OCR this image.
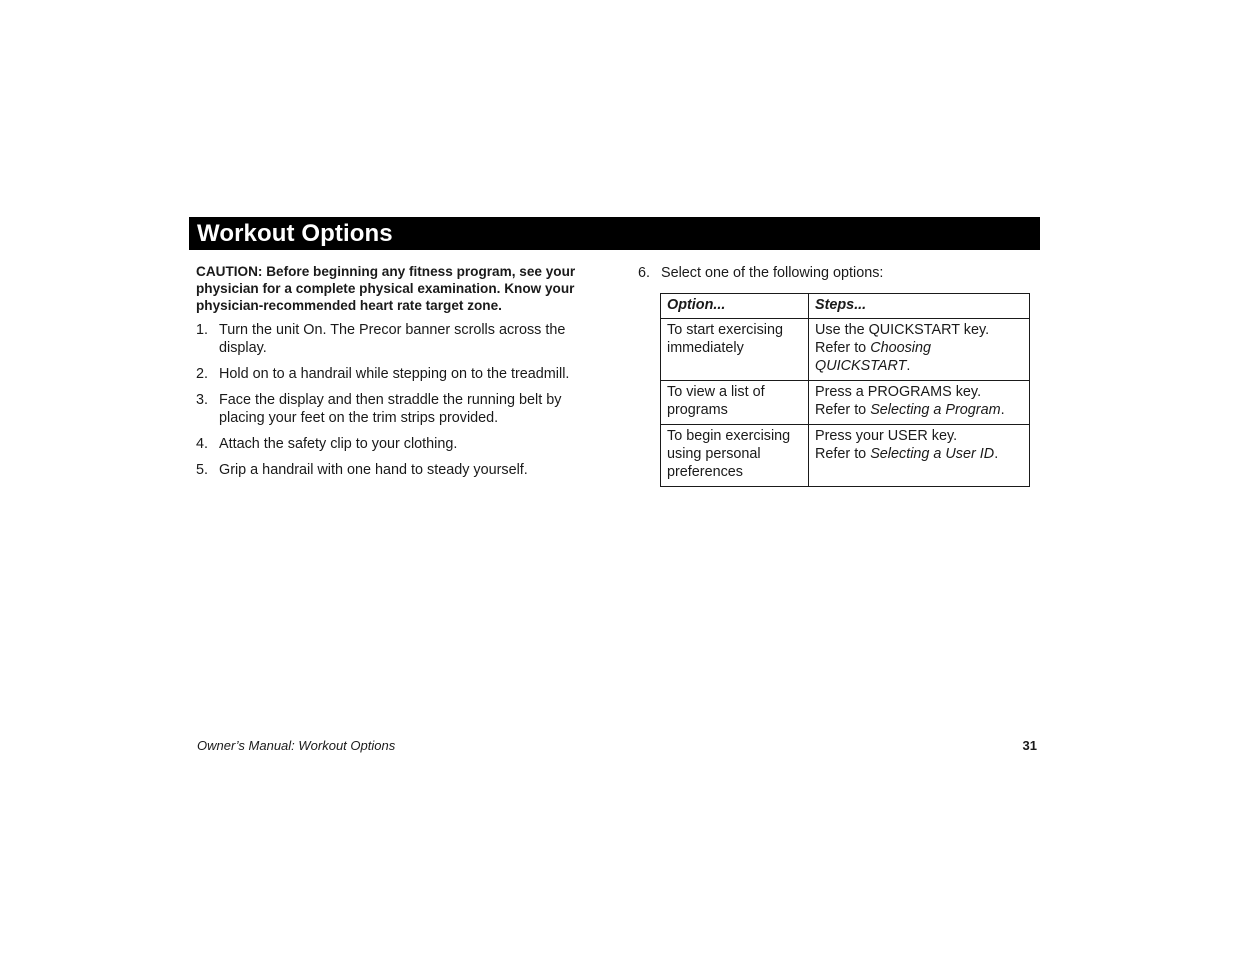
Workout Options

CAUTION: Before beginning any fitness program, see your physician for a complete physical examination. Know your physician-recommended heart rate target zone.

1. Turn the unit On. The Precor banner scrolls across the display.
2. Hold on to a handrail while stepping on to the treadmill.
3. Face the display and then straddle the running belt by placing your feet on the trim strips provided.
4. Attach the safety clip to your clothing.
5. Grip a handrail with one hand to steady yourself.
6. Select one of the following options:
Option...	Steps...
To start exercising immediately	Use the QUICKSTART key.
Refer to Choosing QUICKSTART.
To view a list of programs	Press a PROGRAMS key.
Refer to Selecting a Program.
To begin exercising using personal preferences	Press your USER key.
Refer to Selecting a User ID.
Owner’s Manual: Workout Options	31
